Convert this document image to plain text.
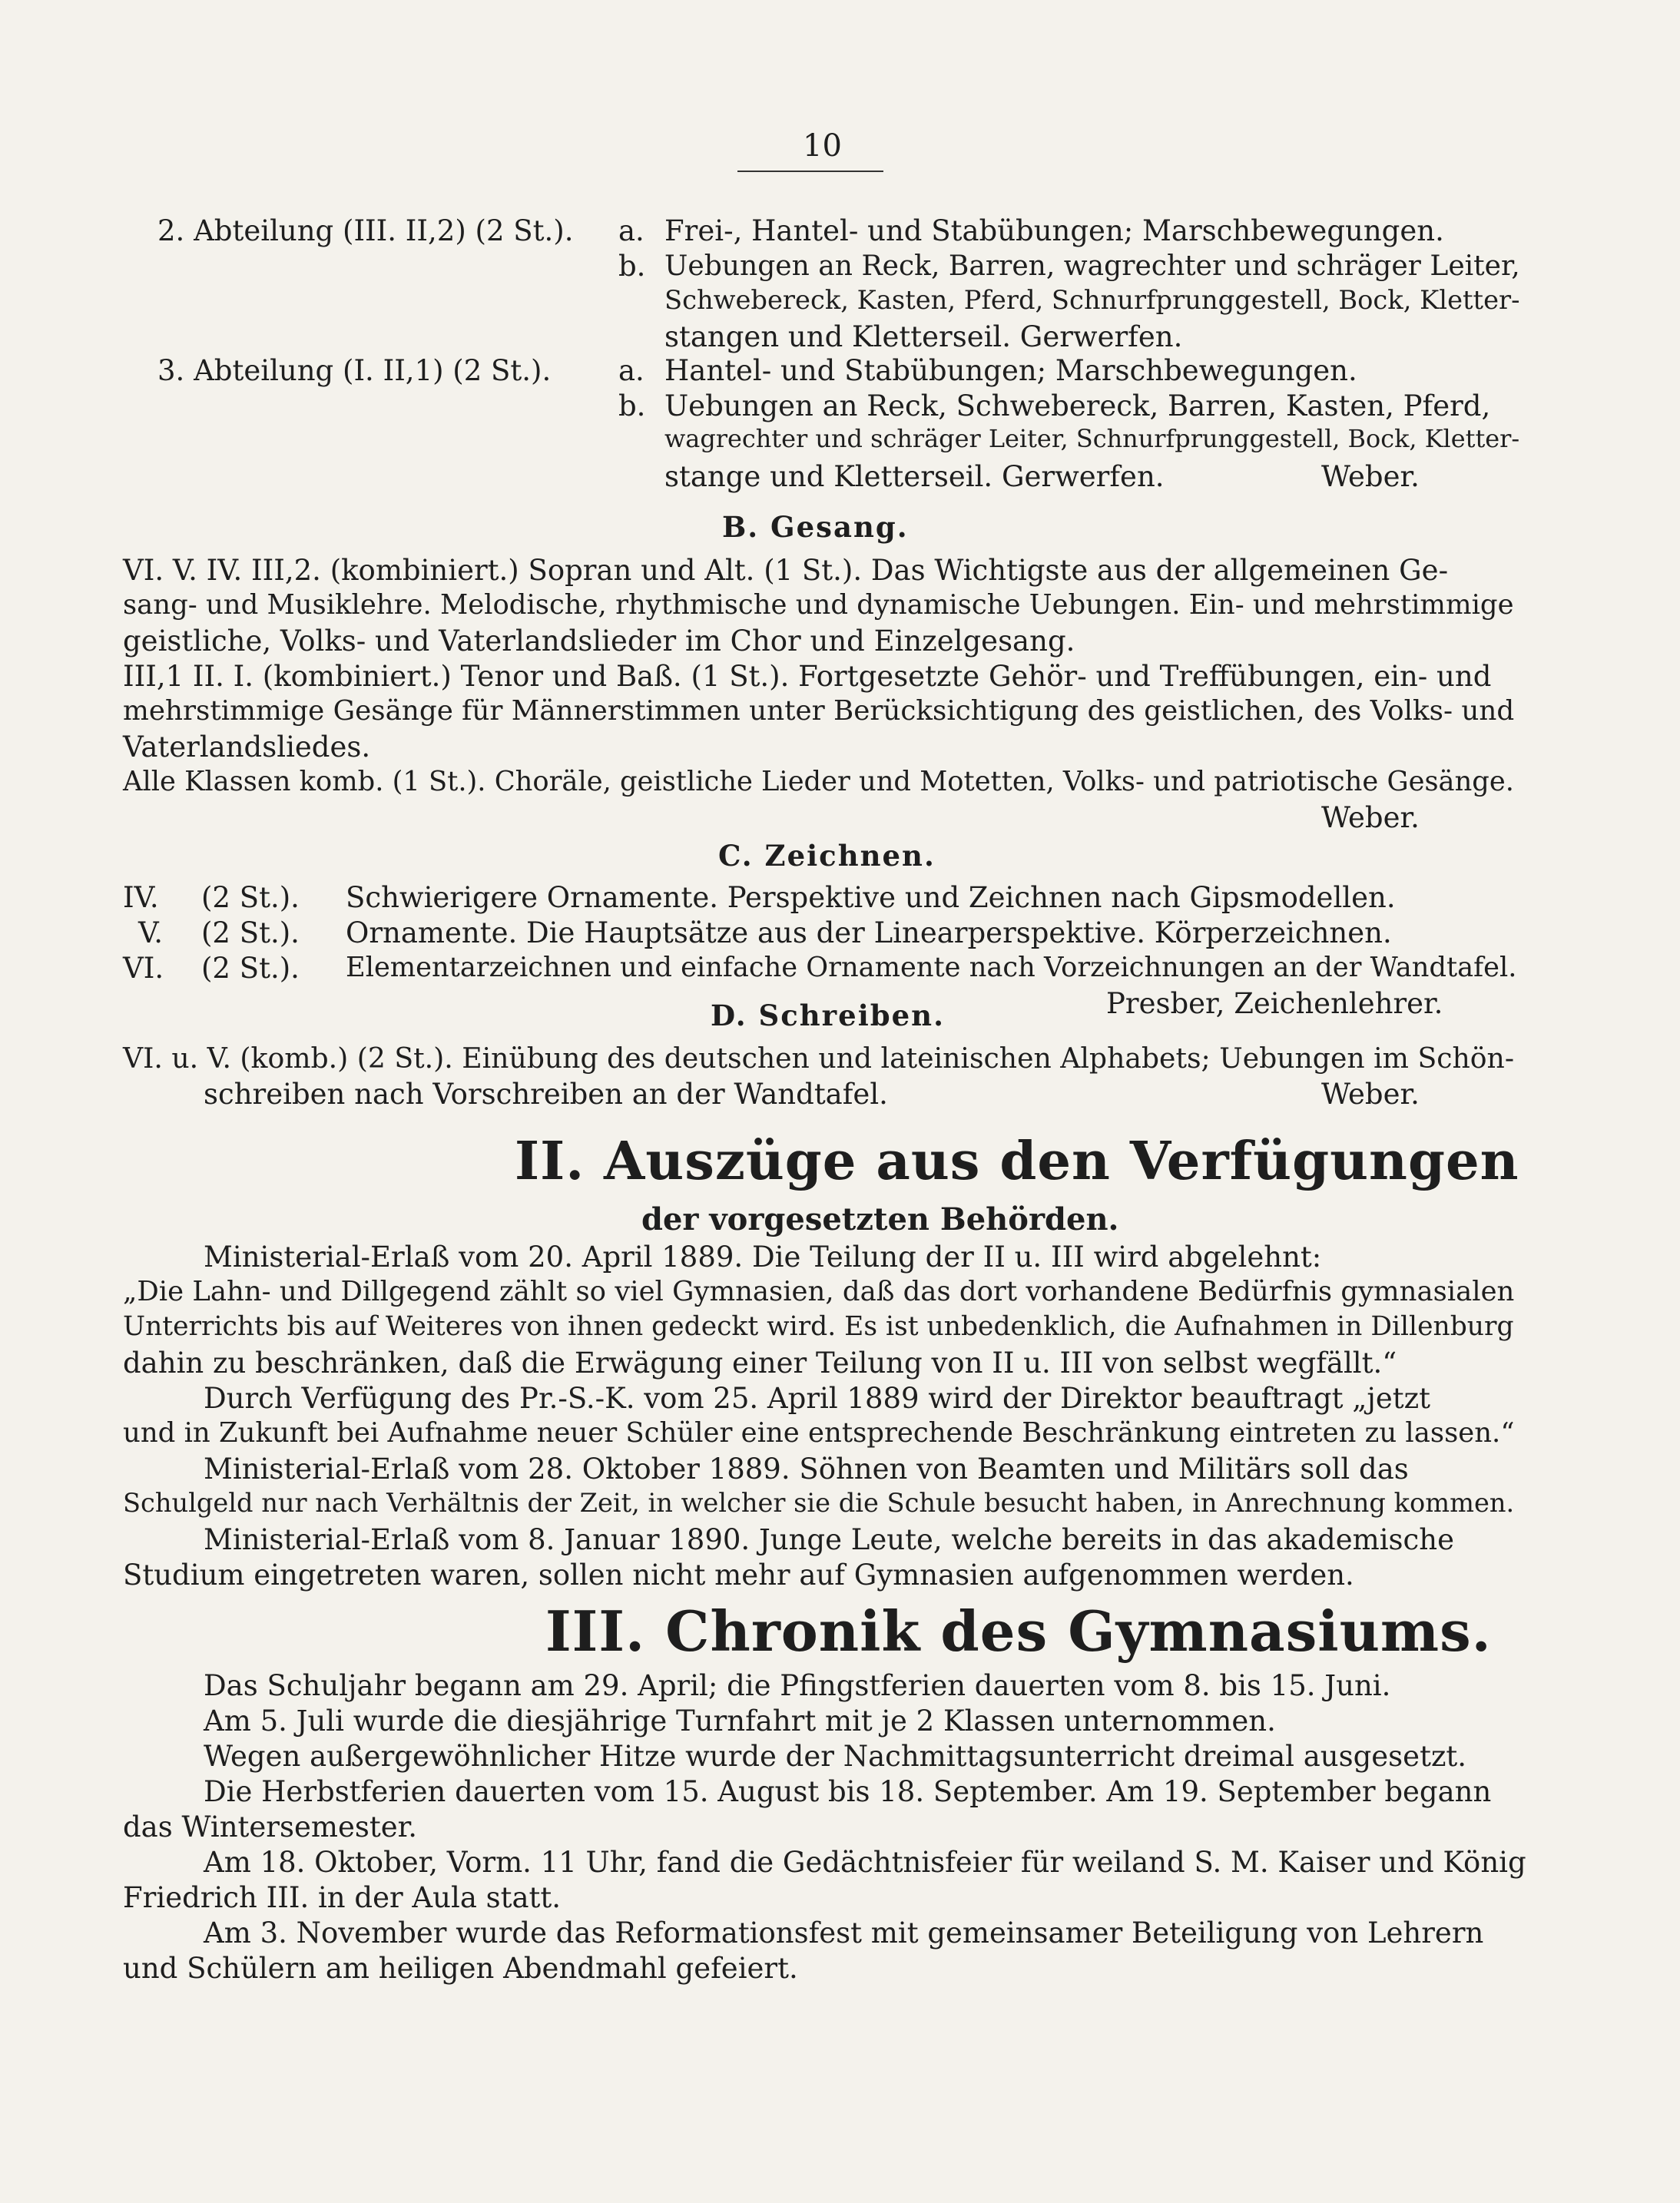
10
2. Abteilung (III. II,2) (2 St.). a. Frei-, Hantel- und Stabübungen; Marschbewegungen.
b. Uebungen an Reck, Barren, wagrechter und schräger Leiter,
Schwebereck, Kasten, Pferd, Schnurfprunggestell, Bock, Kletter-
stangen und Kletterseil. Gerwerfen.
3. Abteilung (I. II,1) (2 St.). a. Hantel- und Stabübungen; Marschbewegungen.
b. Uebungen an Reck, Schwebereck, Barren, Kasten, Pferd,
wagrechter und schräger Leiter, Schnurfprunggestell, Bock, Kletter-
stange und Kletterseil. Gerwerfen.	Weber.
B. Gesang.
VI. V. IV. III,2. (kombiniert.) Sopran und Alt. (1 St.). Das Wichtigste aus der allgemeinen Ge-
sang- und Musiklehre. Melodische, rhythmische und dynamische Uebungen. Ein- und mehrstimmige
geistliche, Volks- und Vaterlandslieder im Chor und Einzelgesang.
III,1 II. I. (kombiniert.) Tenor und Baß. (1 St.). Fortgesetzte Gehör- und Treffübungen, ein- und
mehrstimmige Gesänge für Männerstimmen unter Berücksichtigung des geistlichen, des Volks- und
Vaterlandsliedes.
Alle Klassen komb. (1 St.). Choräle, geistliche Lieder und Motetten, Volks- und patriotische Gesänge.
Weber.
C. Zeichnen.
IV. (2 St.). Schwierigere Ornamente. Perspektive und Zeichnen nach Gipsmodellen.
V. (2 St.). Ornamente. Die Hauptsätze aus der Linearperspektive. Körperzeichnen.
VI. (2 St.). Elementarzeichnen und einfache Ornamente nach Vorzeichnungen an der Wandtafel.
Presber, Zeichenlehrer.
D. Schreiben.
VI. u. V. (komb.) (2 St.). Einübung des deutschen und lateinischen Alphabets; Uebungen im Schön-
schreiben nach Vorschreiben an der Wandtafel.	Weber.
II. Auszüge aus den Verfügungen
der vorgesetzten Behörden.
Ministerial-Erlaß vom 20. April 1889. Die Teilung der II u. III wird abgelehnt:
„Die Lahn- und Dillgegend zählt so viel Gymnasien, daß das dort vorhandene Bedürfnis gymnasialen
Unterrichts bis auf Weiteres von ihnen gedeckt wird. Es ist unbedenklich, die Aufnahmen in Dillenburg
dahin zu beschränken, daß die Erwägung einer Teilung von II u. III von selbst wegfällt.“
Durch Verfügung des Pr.-S.-K. vom 25. April 1889 wird der Direktor beauftragt „jetzt
und in Zukunft bei Aufnahme neuer Schüler eine entsprechende Beschränkung eintreten zu lassen.“
Ministerial-Erlaß vom 28. Oktober 1889. Söhnen von Beamten und Militärs soll das
Schulgeld nur nach Verhältnis der Zeit, in welcher sie die Schule besucht haben, in Anrechnung kommen.
Ministerial-Erlaß vom 8. Januar 1890. Junge Leute, welche bereits in das akademische
Studium eingetreten waren, sollen nicht mehr auf Gymnasien aufgenommen werden.
III. Chronik des Gymnasiums.
Das Schuljahr begann am 29. April; die Pfingstferien dauerten vom 8. bis 15. Juni.
Am 5. Juli wurde die diesjährige Turnfahrt mit je 2 Klassen unternommen.
Wegen außergewöhnlicher Hitze wurde der Nachmittagsunterricht dreimal ausgesetzt.
Die Herbstferien dauerten vom 15. August bis 18. September. Am 19. September begann
das Wintersemester.
Am 18. Oktober, Vorm. 11 Uhr, fand die Gedächtnisfeier für weiland S. M. Kaiser und König
Friedrich III. in der Aula statt.
Am 3. November wurde das Reformationsfest mit gemeinsamer Beteiligung von Lehrern
und Schülern am heiligen Abendmahl gefeiert.
